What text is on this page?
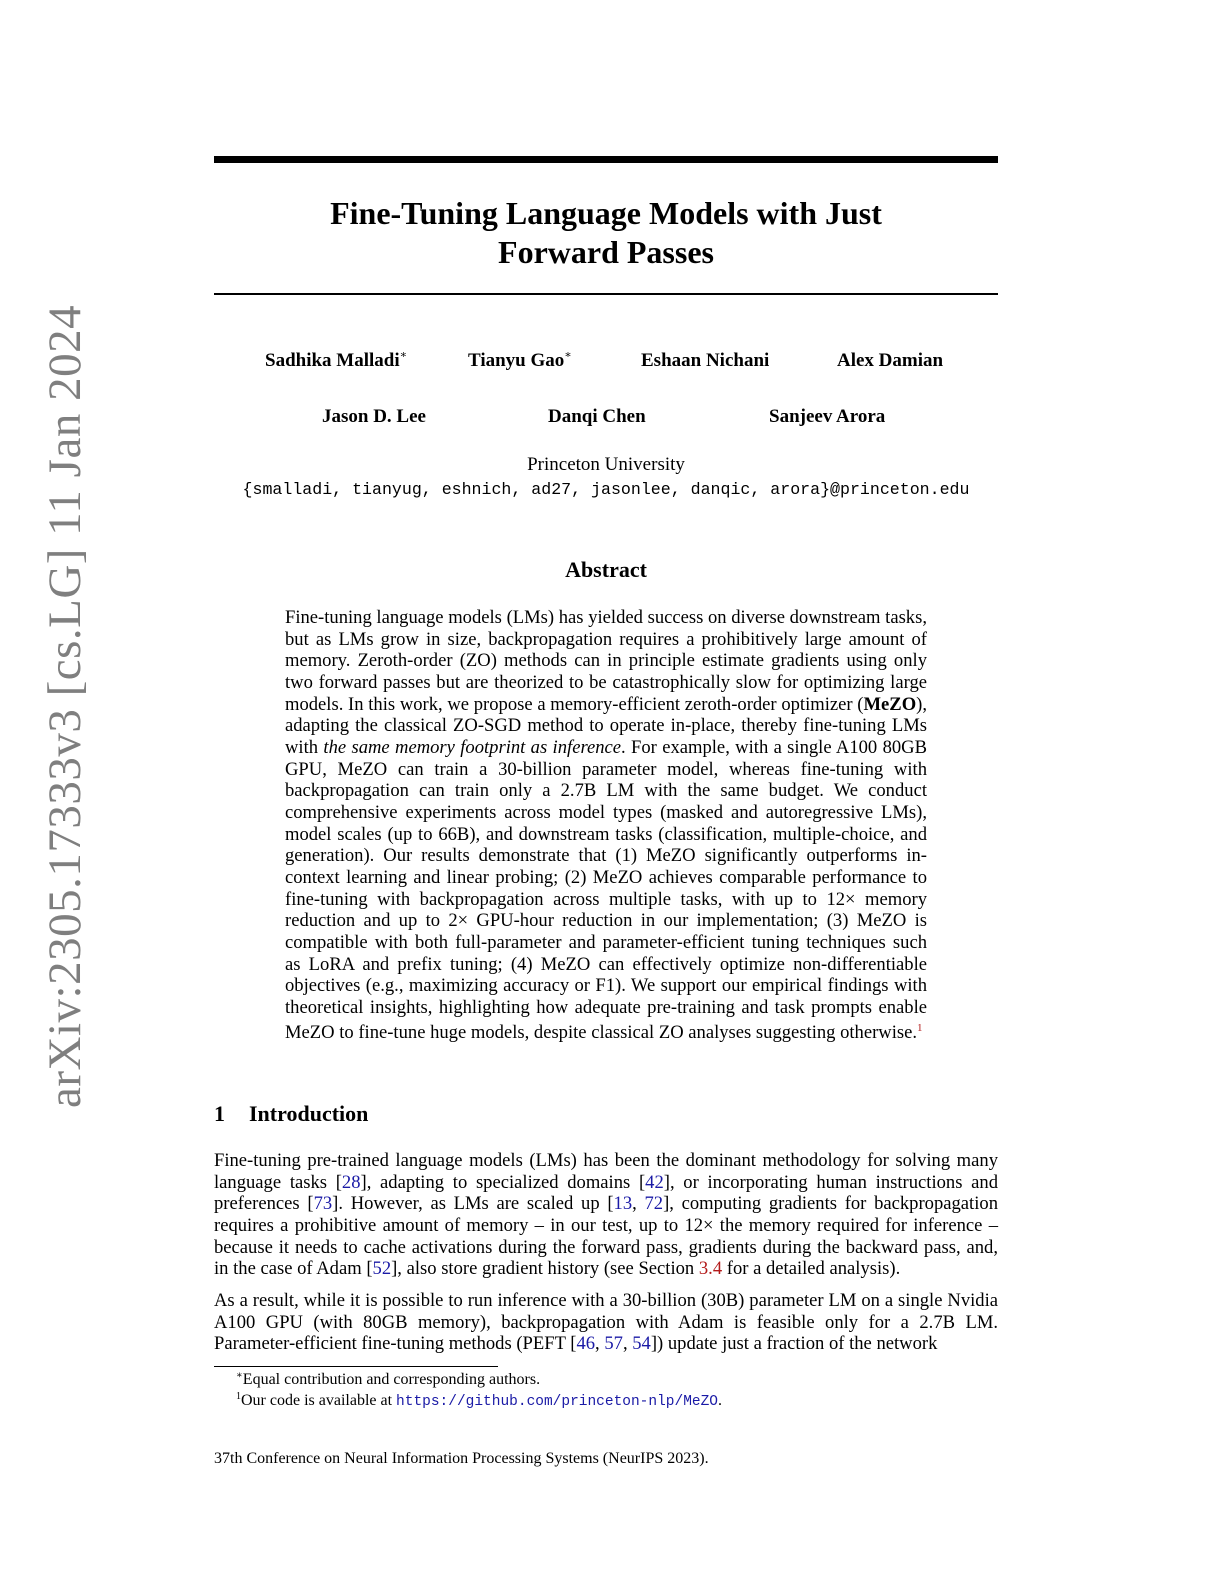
arXiv:2305.17333v3 [cs.LG] 11 Jan 2024
Fine-Tuning Language Models with Just
Forward Passes
Sadhika Malladi∗	Tianyu Gao∗	Eshaan Nichani	Alex Damian
Jason D. Lee	Danqi Chen	Sanjeev Arora
Princeton University
{smalladi, tianyug, eshnich, ad27, jasonlee, danqic, arora}@princeton.edu
Abstract
Fine-tuning language models (LMs) has yielded success on diverse downstream tasks, but as LMs grow in size, backpropagation requires a prohibitively large amount of memory. Zeroth-order (ZO) methods can in principle estimate gradients using only two forward passes but are theorized to be catastrophically slow for optimizing large models. In this work, we propose a memory-efficient zeroth-order optimizer (MeZO), adapting the classical ZO-SGD method to operate in-place, thereby fine-tuning LMs with the same memory footprint as inference. For example, with a single A100 80GB GPU, MeZO can train a 30-billion parameter model, whereas fine-tuning with backpropagation can train only a 2.7B LM with the same budget. We conduct comprehensive experiments across model types (masked and autoregressive LMs), model scales (up to 66B), and downstream tasks (classification, multiple-choice, and generation). Our results demonstrate that (1) MeZO significantly outperforms in-context learning and linear probing; (2) MeZO achieves comparable performance to fine-tuning with backpropagation across multiple tasks, with up to 12× memory reduction and up to 2× GPU-hour reduction in our implementation; (3) MeZO is compatible with both full-parameter and parameter-efficient tuning techniques such as LoRA and prefix tuning; (4) MeZO can effectively optimize non-differentiable objectives (e.g., maximizing accuracy or F1). We support our empirical findings with theoretical insights, highlighting how adequate pre-training and task prompts enable MeZO to fine-tune huge models, despite classical ZO analyses suggesting otherwise.$^1$
1 Introduction
Fine-tuning pre-trained language models (LMs) has been the dominant methodology for solving many language tasks [28], adapting to specialized domains [42], or incorporating human instructions and preferences [73]. However, as LMs are scaled up [13, 72], computing gradients for backpropagation requires a prohibitive amount of memory – in our test, up to 12× the memory required for inference – because it needs to cache activations during the forward pass, gradients during the backward pass, and, in the case of Adam [52], also store gradient history (see Section 3.4 for a detailed analysis).
As a result, while it is possible to run inference with a 30-billion (30B) parameter LM on a single Nvidia A100 GPU (with 80GB memory), backpropagation with Adam is feasible only for a 2.7B LM. Parameter-efficient fine-tuning methods (PEFT [46, 57, 54]) update just a fraction of the network
∗Equal contribution and corresponding authors.
$^1$Our code is available at https://github.com/princeton-nlp/MeZO.
37th Conference on Neural Information Processing Systems (NeurIPS 2023).
